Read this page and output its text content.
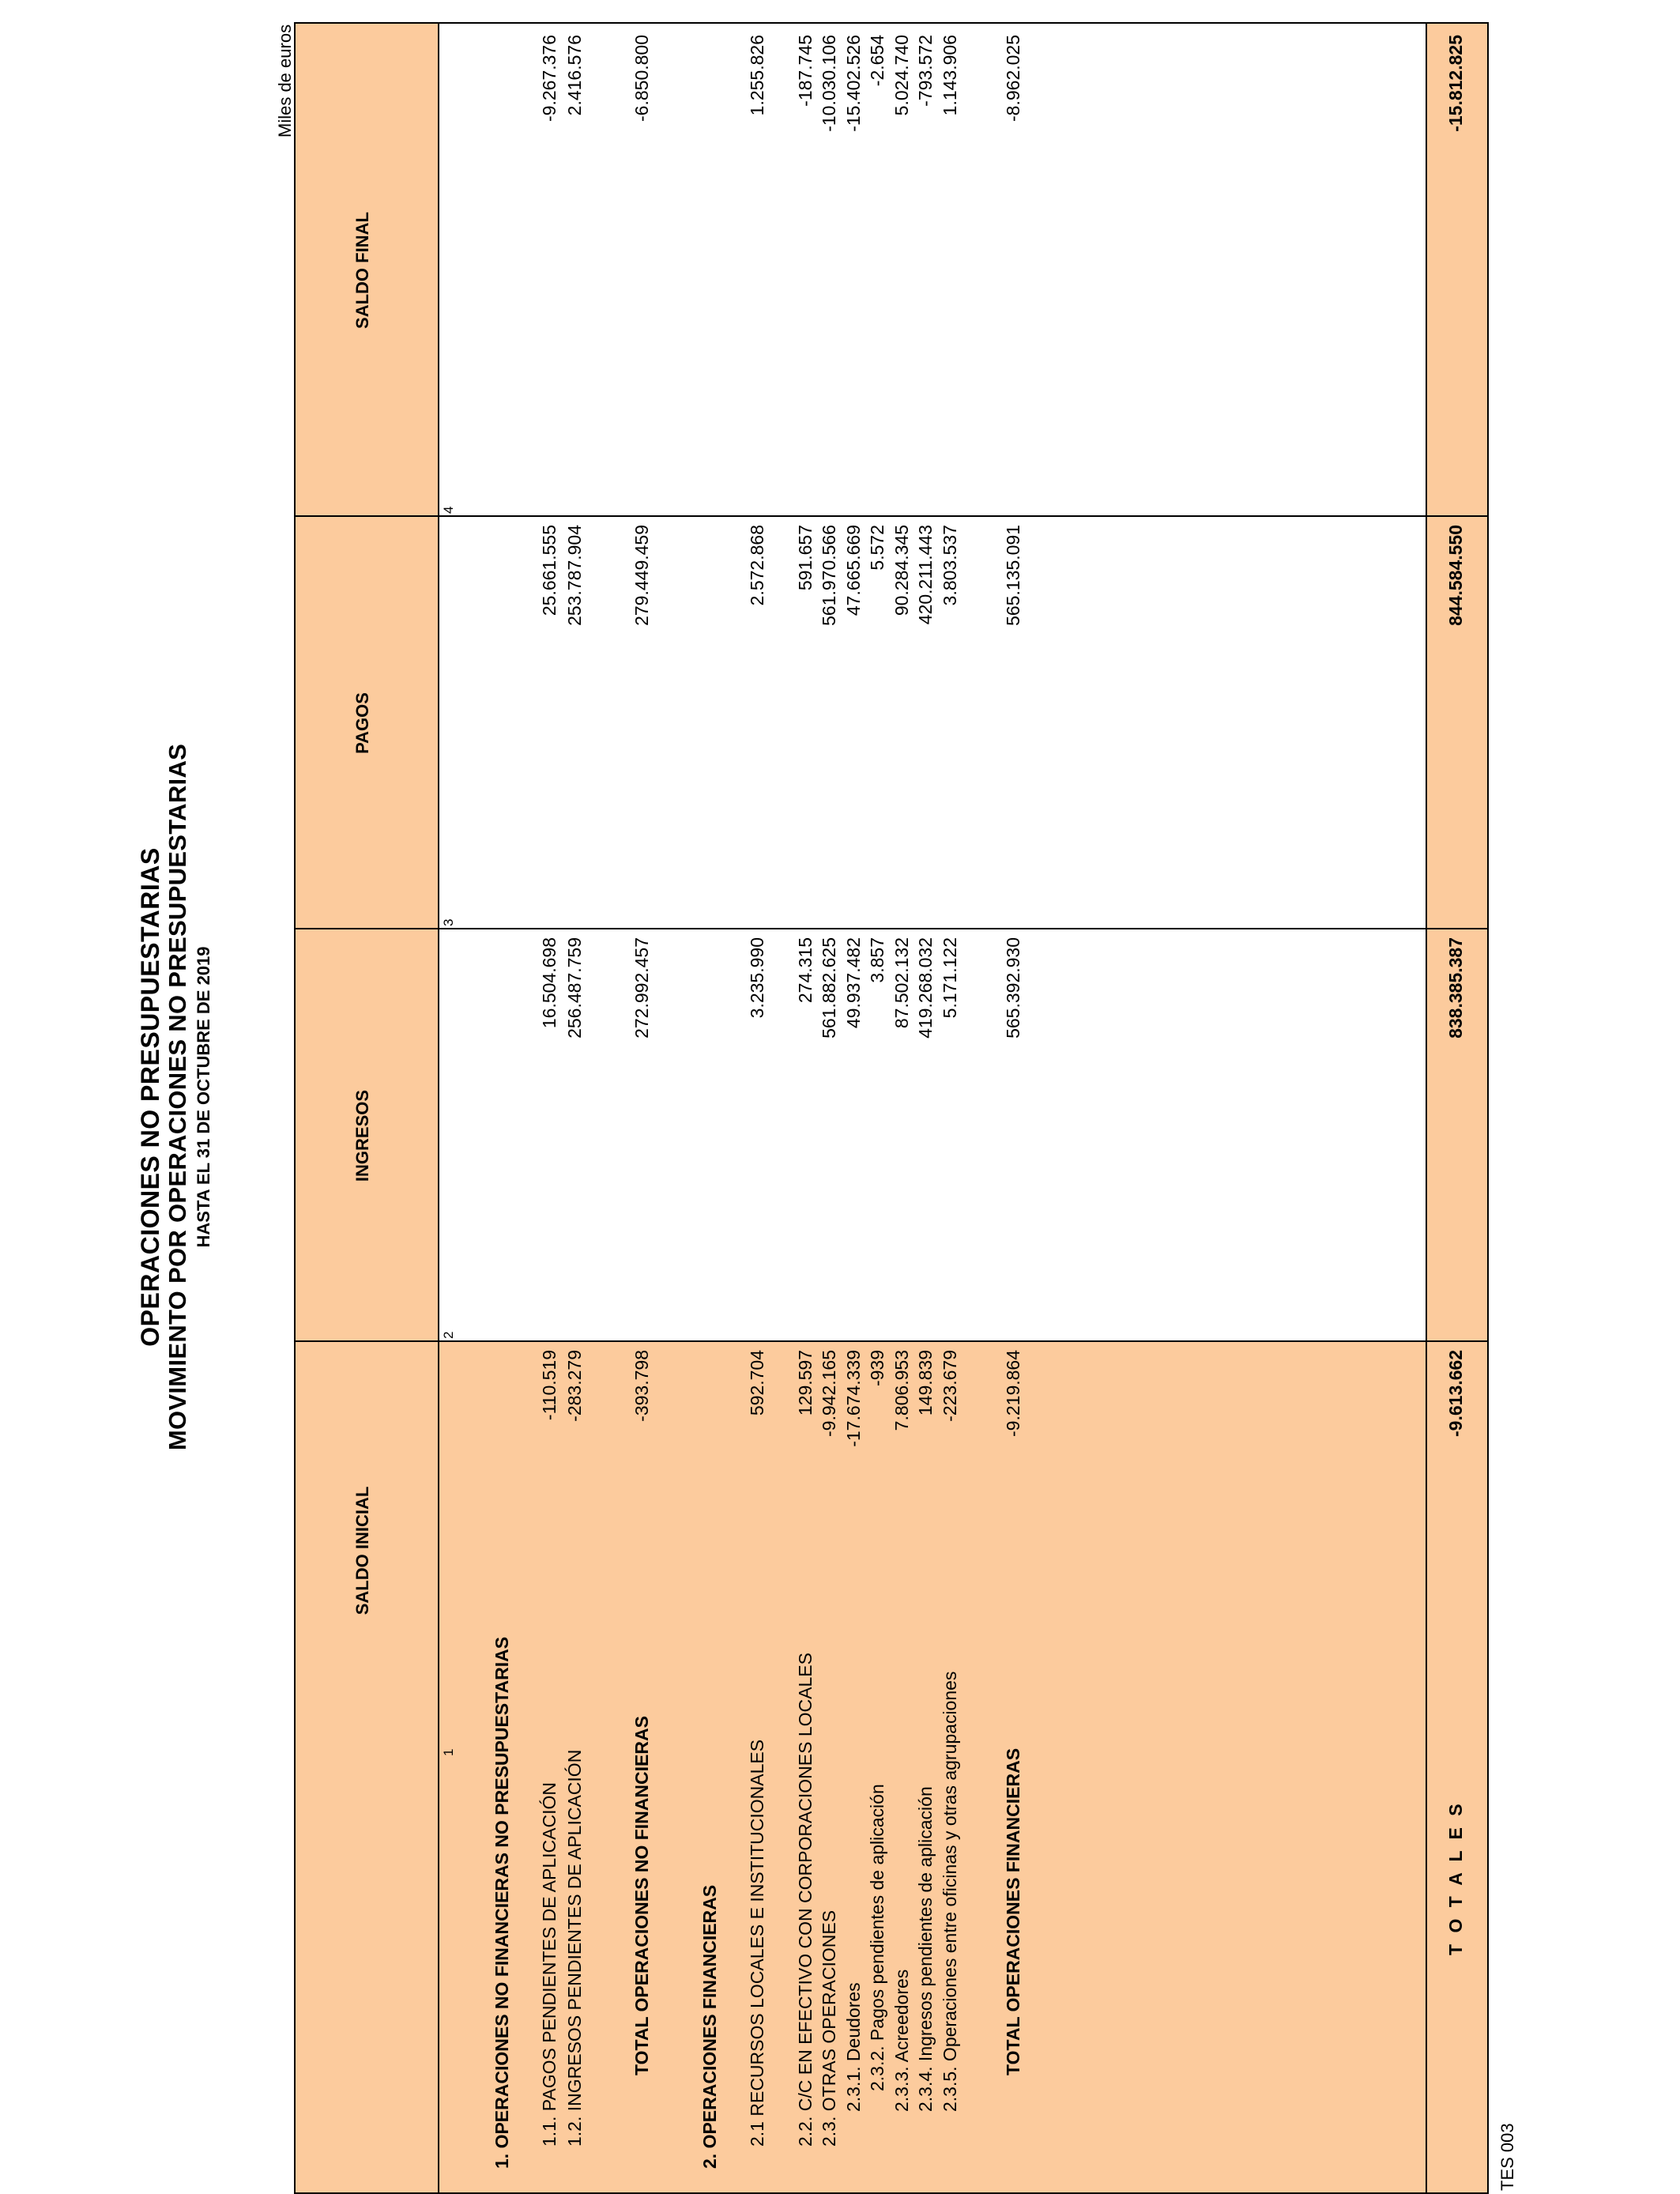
OPERACIONES NO PRESUPUESTARIAS MOVIMIENTO POR OPERACIONES NO PRESUPUESTARIAS HASTA EL 31 DE OCTUBRE DE 2019
Miles de euros
TES 003
SALDO INICIAL
INGRESOS
PAGOS
SALDO FINAL
1
2
3
4
1. OPERACIONES NO FINANCIERAS NO PRESUPUESTARIAS 1.1. PAGOS PENDIENTES DE APLICACIÓN
-110.519
16.504.698
25.661.555
-9.267.376
1.2. INGRESOS PENDIENTES DE APLICACIÓN
-283.279
256.487.759
253.787.904
2.416.576
TOTAL OPERACIONES NO FINANCIERAS
-393.798
272.992.457
279.449.459
-6.850.800
2. OPERACIONES FINANCIERAS 2.1 RECURSOS LOCALES E INSTITUCIONALES
592.704
3.235.990
2.572.868
1.255.826
2.2. C/C EN EFECTIVO CON CORPORACIONES LOCALES
129.597
274.315
591.657
-187.745
2.3. OTRAS OPERACIONES
-9.942.165
561.882.625
561.970.566
-10.030.106
2.3.1. Deudores
-17.674.339
49.937.482
47.665.669
-15.402.526
2.3.2. Pagos pendientes de aplicación
-939
3.857
5.572
-2.654
2.3.3. Acreedores
7.806.953
87.502.132
90.284.345
5.024.740
2.3.4. Ingresos pendientes de aplicación
149.839
419.268.032
420.211.443
-793.572
2.3.5. Operaciones entre oficinas y otras agrupaciones
-223.679
5.171.122
3.803.537
1.143.906
TOTAL OPERACIONES FINANCIERAS
-9.219.864
565.392.930
565.135.091
-8.962.025
-9.613.662
838.385.387
844.584.550
-15.812.825
T O T A L E S
